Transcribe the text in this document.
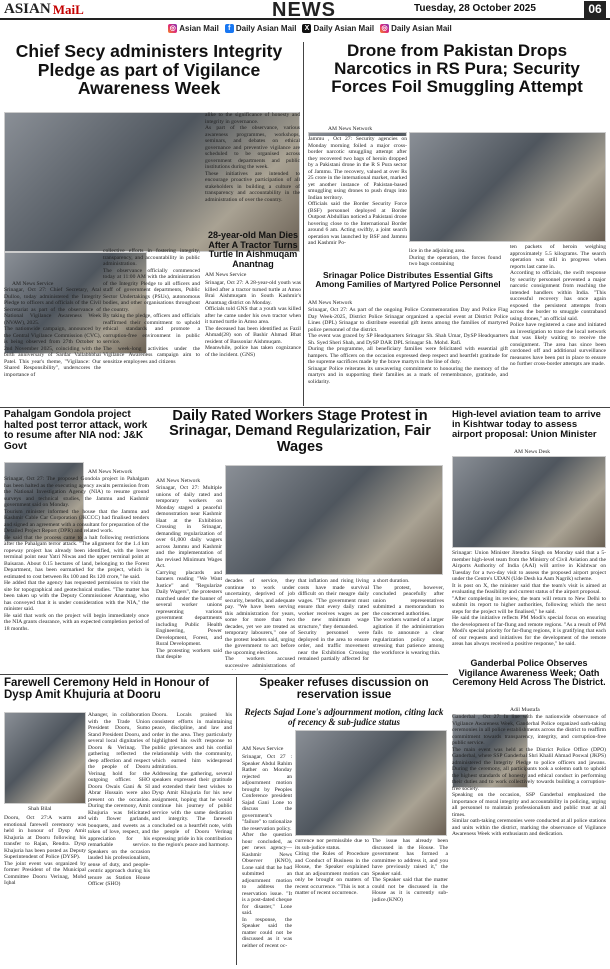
ASIAN MaiL	NEWS	Tuesday, 28 October 2025	06
◎ Asian Mail	f Daily Asian Mail	X Daily Asian Mail ◎ Daily Asian Mail
Chief Secy administers Integrity Pledge as part of Vigilance Awareness Week
AM News Service
Srinagar, Oct 27: Chief Secretary, Atal Dulloo, today administered the Integrity Pledge to officers and officials of the Civil Secretariat as part of the observance of National Vigilance Awareness Week (NVAW), 2025.
The nationwide campaign, announced by the Central Vigilance Commission (CVC), is being observed from 27th October to 2nd November 2025, coinciding with the birth anniversary of Sardar Vallabhbhai Patel. This year's theme, "Vigilance: Our Shared Responsibility", underscores the importance of
collective efforts in fostering integrity, transparency, and accountability in public administration.
The observance officially commenced today at 11:00 AM with the administration of the Integrity Pledge to all officers and staff of government departments, Public Sector Undertakings (PSUs), autonomous bodies, and other organisations throughout the country.
By taking the pledge, officers and officials reaffirmed their commitment to uphold ethical standards and promote a corruption-free environment in public service.
The week-long activities under the Vigilance Awareness campaign aim to sensitize employees and citizens
alike to the significance of honesty and integrity in governance.
As part of the observance, various awareness programmes, workshops, seminars, and debates on ethical governance and preventive vigilance are scheduled to be organised across government departments and public institutions during the week.
These initiatives are intended to encourage proactive participation of all stakeholders in building a culture of transparency and accountability in the administration of over the country.
28-year-old Man Dies After A Tractor Turns Turtle In Aishmuqam Anantnag
AM News Service
Srinagar, Oct 27: A 28-year-old youth was killed after a tractor turned turtle at Amso Brai Aishmuqam in South Kashmir's Anantnag district on Monday.
Officials told GNS that a youth was killed after he came under his own tractor when it turned turtle in Amso area.
The deceased has been identified as Fazil Ahmad(28) son of Bashir Ahmad Bhat resident of Bassoniar Aishmuqam.
Meanwhile, police has taken cognizance of the incident. (GNS)
Drone from Pakistan Drops Narcotics in RS Pura; Security Forces Foil Smuggling Attempt
AM News Network
lice in the adjoining area.
During the operation, the forces found two bags containing
ten packets of heroin weighing approximately 5.5 kilograms. The search operation was still in progress when reports last came in.
According to officials, the swift response by security personnel prevented a major narcotic consignment from reaching the intended handlers within India. "This successful recovery has once again exposed the persistent attempts from across the border to smuggle contraband using drones," an official said.
Police have registered a case and initiated an investigation to trace the local network that was likely waiting to receive the consignment. The area has since been cordoned off and additional surveillance measures have been put in place to ensure no further cross-border attempts are made.
Jammu , Oct 27: Security agencies on Monday morning foiled a major cross-border narcotic smuggling attempt after they recovered two bags of heroin dropped by a Pakistani drone in the R S Pura sector of Jammu. The recovery, valued at over Rs 25 crore in the international market, marked yet another instance of Pakistan-based smuggling using drones to push drugs into Indian territory.
Officials said the Border Security Force (BSF) personnel deployed at Border Outpost Abdullian noticed a Pakistani drone hovering close to the International Border around 6 am. Acting swiftly, a joint search operation was launched by BSF and Jammu and Kashmir Po-
Srinagar Police Distributes Essential Gifts Among Families of Martyred Police Personnel
AM News Network
Srinagar, Oct 27: As part of the ongoing Police Commemoration Day and Police Flag Day Week-2025, District Police Srinagar organized a special event at District Police Lines (DPL) Srinagar to distribute essential gift items among the families of martyred police personnel of the district.
The event was graced by SP Headquarters Srinagar Sh. Shah Umar, DySP Headquarters Sh. Syed Sheri Shah, and DySP DAR DPL Srinagar Sh. Mohd. Rafi.
During the programme, all beneficiary families were felicitated with essential gift hampers. The officers on the occasion expressed deep respect and heartfelt gratitude for the supreme sacrifices made by the brave martyrs in the line of duty.
Srinagar Police reiterates its unwavering commitment to honouring the memory of the martyrs and in supporting their families as a mark of remembrance, gratitude, and solidarity.
Pahalgam Gondola project halted post terror attack, work to resume after NIA nod: J&K Govt
AM News Network
Srinagar, Oct 27: The proposed Gondola project in Pahalgam has been halted as the executing agency awaits permission from the National Investigation Agency (NIA) to resume ground surveys and technical studies, the Jammu and Kashmir government said on Monday.
Tourism minister informed the house that the Jammu and Kashmir Cable Car Corporation (JKCCC) had finalised tenders and signed an agreement with a consultant for preparation of the Detailed Project Report (DPR) and related work.
He said that the process came to a halt following restrictions after the Pahalgam terror attack. "The alignment for the 1.4 km ropeway project has already been identified, with the lower terminal point near Yatri Niwas and the upper terminal point at Baisaran. About 0.15 hectares of land, belonging to the Forest Department, has been earmarked for the project, which is estimated to cost between Rs 100 and Rs 120 crore," he said.
He added that the agency has requested permission to visit the site for topographical and geotechnical studies. "The matter has been taken up with the Deputy Commissioner Anantnag, who has conveyed that it is under consideration with the NIA," the minister said.
He said that work on the project will begin immediately once the NIA grants clearance, with an expected completion period of 18 months.
Daily Rated Workers Stage Protest in Srinagar, Demand Regularization, Fair Wages
AM News Network
Srinagar, Oct 27: Multiple unions of daily rated and temporary workers on Monday staged a peaceful demonstration near Kashmir Haat at the Exhibition Crossing in Srinagar, demanding regularization of over 61,000 daily wagers across Jammu and Kashmir and the implementation of the revised Minimum Wages Act.
Carrying placards and banners reading "We Want Justice" and "Regularize Daily Wagers", the protesters marched under the banner of several worker unions representing various government departments including Public Health Engineering, Power Development, Forest, and Rural Development.
The protesting workers said that despite
decades of service, they continue to work under uncertainty, deprived of job security, benefits, and adequate pay. "We have been serving this administration for years, some for more than two decades, yet we are treated as temporary labourers," one of the protest leaders said, urging the government to act before the upcoming elections.
The workers accused successive administrations of

that inflation and rising living costs have made survival difficult on their meagre daily wages. "The government must ensure that every daily rated worker receives wages as per the new minimum wage structure," they demanded.
Security personnel were deployed in the area to ensure order, and traffic movement near the Exhibition Crossing remained partially affected for a short duration.
The protest, however, concluded peacefully after union representatives submitted a memorandum to the concerned authorities.
The workers warned of a larger agitation if the administration fails to announce a clear regularization policy soon, stressing that patience among the workforce is wearing thin.
High-level aviation team to arrive in Kishtwar today to assess airport proposal: Union Minister
AM News Desk
Srinagar: Union Minister Jitendra Singh on Monday said that a 5-member high-level team from the Ministry of Civil Aviation and the Airports Authority of India (AAI) will arrive in Kishtwar on Tuesday for a two-day visit to assess the proposed airport project under the Centre's UDAN (Ude Desh ka Aam Nagrik) scheme.
It is post on X, the minister said that the team's visit is aimed at evaluating the feasibility and current status of the airport proposal.
"After completing its review, the team will return to New Delhi to submit its report to higher authorities, following which the next steps for the project will be finalised," he said.
He said the initiative reflects PM Modi's special focus on ensuring the development of far-flung and remote regions. "As a result of PM Modi's special priority for far-flung regions, it is gratifying that each of our requests and initiatives for the development of the remote areas has always received a positive response," he said.
Ganderbal Police Observes Vigilance Awareness Week; Oath Ceremony Held Across The District.
Adil Mustafa
Ganderbal , Oct 27: In line with the nationwide observance of Vigilance Awareness Week, Ganderbal Police organized oath-taking ceremonies in all police establishments across the district to reaffirm commitment towards transparency, integrity, and corruption-free public service.
The main event was held at the District Police Office (DPO) Ganderbal, where SSP Ganderbal Shri Khalil Ahmad Poswal (JKPS) administered the Integrity Pledge to police officers and jawans. During the ceremony, all participants took a solemn oath to uphold the highest standards of honesty and ethical conduct in performing their duties and to work collectively towards building a corruption-free society.
Speaking on the occasion, SSP Ganderbal emphasized the importance of moral integrity and accountability in policing, urging all personnel to maintain professionalism and public trust at all times.
Similar oath-taking ceremonies were conducted at all police stations and units within the district, marking the observance of Vigilance Awareness Week with enthusiasm and dedication.
Farewell Ceremony Held in Honour of Dysp Amit Khujuria at Dooru
Shah Bilal
Dooru, Oct 27:A warm and emotional farewell ceremony was held in honour of Dysp Amit Khajuria at Dooru following his transfer to Rajan, Rendra. Dysp Khajuria has been posted as Deputy Superintendent of Police (DYSP).
The joint event was organized by former President of the Municipal Committee Dooru Verinag, Mohd Iqbal
Ahanger, in collaboration with the Trade Union President Dooru, Sumo Stand President Dooru, and several local dignitaries of Dooru & Verinag. The gathering reflected the deep affection and respect the people of Dooru Verinag hold for the outgoing officer. SHO Dooru Owais Gani & SI Abrar Hussain were also present on the occasion. During the ceremony, Amit Khujuria was felicitated with flower garlands, bouquets, and sweets as a token of love, respect, and appreciation for his remarkable service. Speakers on the occasion lauded his professionalism, sense of duty, and people-centric approach during his tenure as Station House Officer (SHO)
Dooru. Locals praised his consistent efforts in maintaining peace, discipline, and law and order in the area. They particularly highlighted his swift response to public grievances and his cordial relationship with the community, which earned him widespread admiration.
Addressing the gathering, several speakers expressed their gratitude and extended their best wishes to Dysp Amit Khujuria for his new assignment, hoping that he would continue his journey of public service with the same dedication and integrity. The farewell concluded on a heartfelt note, with the people of Dooru Verinag expressing pride in his contribution to the region's peace and harmony.
Speaker refuses discussion on reservation issue
Rejects Sajad Lone's adjournment motion, citing lack of recency & sub-judice status
AM News Service
Srinagar, Oct 27 : Speaker Abdul Rahim Rather on Monday rejected an adjournment motion brought by Peoples Conference president Sajad Gani Lone to discuss the government's "failure" to rationalize the reservation policy.
After the question hour concluded, as per news agency—Kashmir News Observer (KNO), Lone said that he had submitted an adjournment motion to address the reservation issue. "It is a post-dated cheque for disaster," Lone said.
In response, the Speaker said the matter could not be discussed as it was neither of recent oc-
currence nor permissible due to its sub-judice status.
Citing the Rules of Procedure and Conduct of Business in the House, the Speaker explained that an adjournment motion can only be brought on matters of recent occurrence. "This is not a matter of recent occurrence.
The issue has already been discussed in the House. The government has formed a committee to address it, and you have previously raised it," the Speaker said.
The Speaker said that the matter could not be discussed in the House as it is currently sub-judice.(KNO)
